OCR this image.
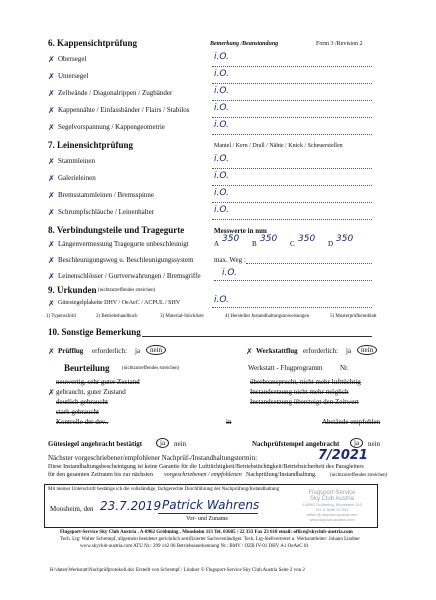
6. Kappensichtprüfung	Bemerkung /Beanstandung	Form 3 /Revision 2
✗ Obersegel	i.O.
✗ Untersegel	i.O.
✗ Zellwände / Diagonalrippen / Zugbänder	i.O.
✗ Kappennähte / Einfassbänder / Flairs / Stabilos	i.O.
✗ Segelvorspannung / Kappengeometrie	i.O.
7. Leinensichtprüfung	Mantel / Kern / Drall / Nähte / Knick / Scheuerstellen
✗ Stammleinen	i.O.
✗ Galerieleinen	i.O.
✗ Bremsstammleinen / Bremsspinne	i.O.
✗ Schrumpfschläuche / Leinenhalter	i.O.
8. Verbindungsteile und Tragegurte	Messwerte in mm
✗ Längenvermessung Tragegurte unbeschleunigt	A 350 B 350 C 350 D 350
✗ Beschleunigungsweg u. Beschleunigungssystem	max. Weg :
✗ Leinenschlösser / Gurtverwahrungen / Bremsgriffe i.O.
9. Urkunden (nichtzutreffendes streichen)
✗ Gütesiegelplakette DHV / OeAeC / ACPUL / SHV	i.O.
1) Typenschild	2) Betriebshandbuch	3) Material-Stückliste	4) Hersteller Instandhaltungsanweisungen	5) Musterprüfkennblatt
10. Sonstige Bemerkung
✗ Prüfflug erforderlich: ja	nein	✗ Werkstattflug erforderlich: ja	nein
Beurteilung (nichtzutreffendes streichen)	Werkstatt - Flugprogramm	Nr.
neuwertig, sehr guter Zustand
✗ gebraucht, guter Zustand
deutlich gebraucht
stark gebraucht
Kontrolle der dev..
überbeansprucht, nicht mehr lufttüchtig
Instandsetzung nicht mehr möglich
Instandsetzung übersteigt den Zeitwert
in	Abstände empfohlen
Gütesiegel angebracht bestätigt	ja	nein	Nachprüfstempel angebracht	ja	nein
Nächster vorgeschriebener/empfohlener Nachprüf-/Instandhaltungstermin:	7/2021
Diese Instandhaltungsbescheinigung ist keine Garantie für die Lufttüchtigkeit/Betriebstüchtigkeit/Betriebsicherheit des Paragleiters
für den gesamten Zeitraum bis zur nächsten vorgeschriebenen / empfohlenen Nachprüfung/Instandhaltung.	(nichtzutreffendes streichen)
Mit meiner Unterschrift bestätige ich die vollständige, fachgerechte Durchführung der Nachprüfung/Instandhaltung
Moosheim, den 23.7.2019 Patrick Wahrens
Vor- und Zuname
Flugsport-Service
Sky Club Austria
A-8962 Gröbming, Mooshelm 113
Tel. 0 3685 22 333
office @ skyclub-austria.com
www.skyclub-austria.com
Flugsport-Service Sky Club Austria . A-8962 Gröbming . Moosheim 113 Tel. 03685 / 22 333 Fax 23 618 email: office@skyclub-austria.com
Tech. Ltg: Walter Schrempf, allgemein beeideter gerichtlich zertifizierter Sachverständiger. Tech. Ltg-Stellvertreter u. Werkstattleiter: Johann Lindner
www.skyclub-austria.com ATU Nr.: 299 142 06 Betriebsanerkennung Nr.: BMV / OZB IV-01 DHV A1 OeAeC 01
H:\daten\Werkstatt\Nachprüfprotokoll.doc Erstellt von Schrempf / Lindner © Flugsport-Service Sky Club Austria Seite 2 von 2
